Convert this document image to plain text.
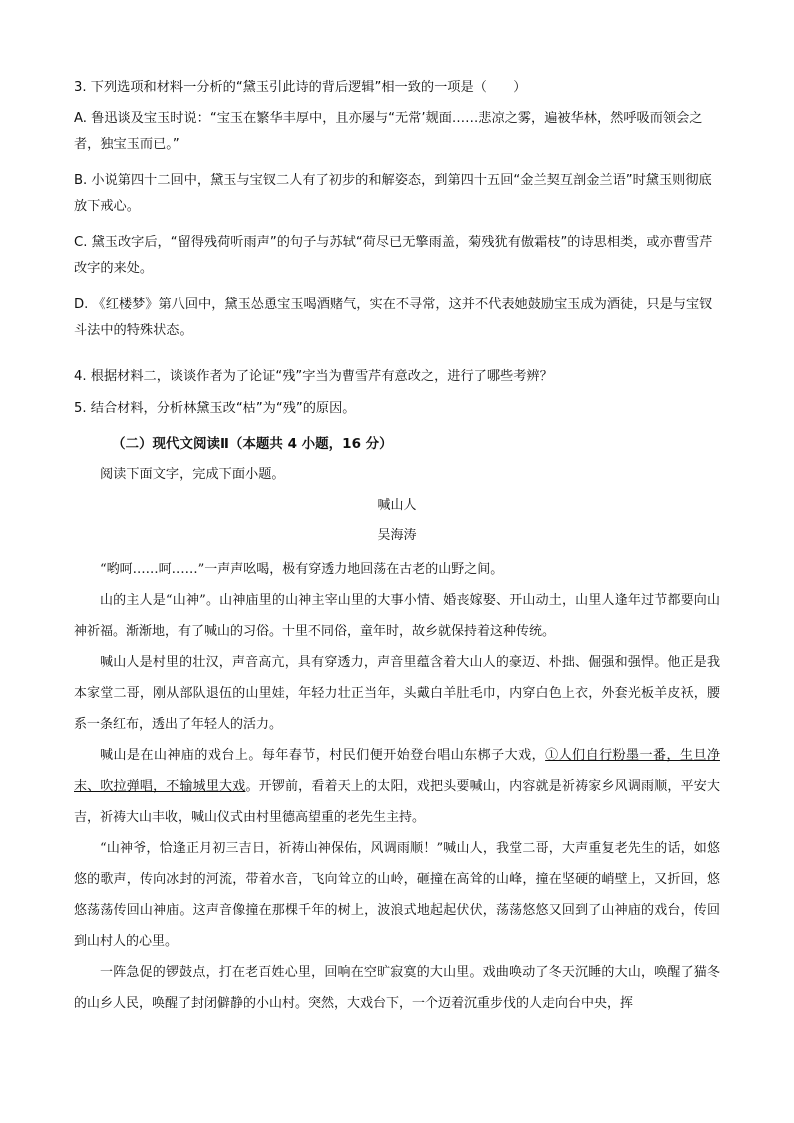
3. 下列选项和材料一分析的“黛玉引此诗的背后逻辑”相一致的一项是（　　）

A. 鲁迅谈及宝玉时说：“宝玉在繁华丰厚中，且亦屡与“无常’觌面……悲凉之雾，遍被华林，然呼吸而领会之者，独宝玉而已。”

B. 小说第四十二回中，黛玉与宝钗二人有了初步的和解姿态，到第四十五回“金兰契互剖金兰语”时黛玉则彻底放下戒心。

C. 黛玉改字后，“留得残荷听雨声”的句子与苏轼“荷尽已无擎雨盖，菊残犹有傲霜枝”的诗思相类，或亦曹雪芹改字的来处。

D. 《红楼梦》第八回中，黛玉怂恿宝玉喝酒赌气，实在不寻常，这并不代表她鼓励宝玉成为酒徒，只是与宝钗斗法中的特殊状态。

4. 根据材料二，谈谈作者为了论证“残”字当为曹雪芹有意改之，进行了哪些考辨？

5. 结合材料，分析林黛玉改“枯”为“残”的原因。

（二）现代文阅读Ⅱ（本题共 4 小题，16 分）
阅读下面文字，完成下面小题。
喊山人
吴海涛

“哟呵……呵……”一声声吆喝，极有穿透力地回荡在古老的山野之间。

山的主人是“山神”。山神庙里的山神主宰山里的大事小情、婚丧嫁娶、开山动土，山里人逢年过节都要向山神祈福。渐渐地，有了喊山的习俗。十里不同俗，童年时，故乡就保持着这种传统。

喊山人是村里的壮汉，声音高亢，具有穿透力，声音里蕴含着大山人的豪迈、朴拙、倔强和强悍。他正是我本家堂二哥，刚从部队退伍的山里娃，年轻力壮正当年，头戴白羊肚毛巾，内穿白色上衣，外套光板羊皮袄，腰系一条红布，透出了年轻人的活力。

喊山是在山神庙的戏台上。每年春节，村民们便开始登台唱山东梆子大戏，①人们自行粉墨一番，生旦净末、吹拉弹唱，不输城里大戏。开锣前，看着天上的太阳，戏把头要喊山，内容就是祈祷家乡风调雨顺，平安大吉，祈祷大山丰收，喊山仪式由村里德高望重的老先生主持。

“山神爷，恰逢正月初三吉日，祈祷山神保佑，风调雨顺！”喊山人，我堂二哥，大声重复老先生的话，如悠悠的歌声，传向冰封的河流，带着水音，飞向耸立的山岭，砸撞在高耸的山峰，撞在坚硬的峭壁上，又折回，悠悠荡荡传回山神庙。这声音像撞在那棵千年的树上，波浪式地起起伏伏，荡荡悠悠又回到了山神庙的戏台，传回到山村人的心里。

一阵急促的锣鼓点，打在老百姓心里，回响在空旷寂寞的大山里。戏曲唤动了冬天沉睡的大山，唤醒了猫冬的山乡人民，唤醒了封闭僻静的小山村。突然，大戏台下，一个迈着沉重步伐的人走向台中央，挥
